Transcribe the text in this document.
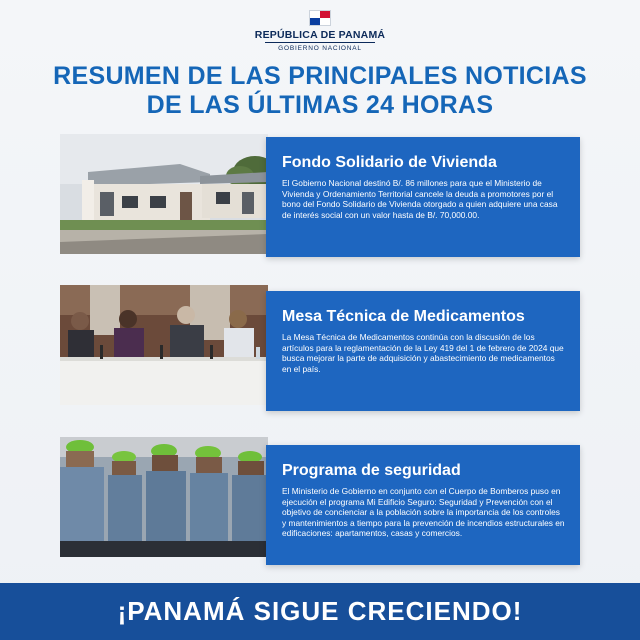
REPÚBLICA DE PANAMÁ
GOBIERNO NACIONAL
RESUMEN DE LAS PRINCIPALES NOTICIAS
DE LAS ÚLTIMAS 24 HORAS
Fondo Solidario de Vivienda

El Gobierno Nacional destinó B/. 86 millones para que el Ministerio de Vivienda y Ordenamiento Territorial cancele la deuda a promotores por el bono del Fondo Solidario de Vivienda otorgado a quien adquiere una casa de interés social con un valor hasta de B/. 70,000.00.

Mesa Técnica de Medicamentos

La Mesa Técnica de Medicamentos continúa con la discusión de los artículos para la reglamentación de la Ley 419 del 1 de febrero de 2024 que busca mejorar la parte de adquisición y abastecimiento de medicamentos en el país.

Programa de seguridad

El Ministerio de Gobierno en conjunto con el Cuerpo de Bomberos puso en ejecución el programa Mi Edificio Seguro: Seguridad y Prevención con el objetivo de concienciar a la población sobre la importancia de los controles y mantenimientos a tiempo para la prevención de incendios estructurales en edificaciones: apartamentos, casas y comercios.

¡PANAMÁ SIGUE CRECIENDO!
